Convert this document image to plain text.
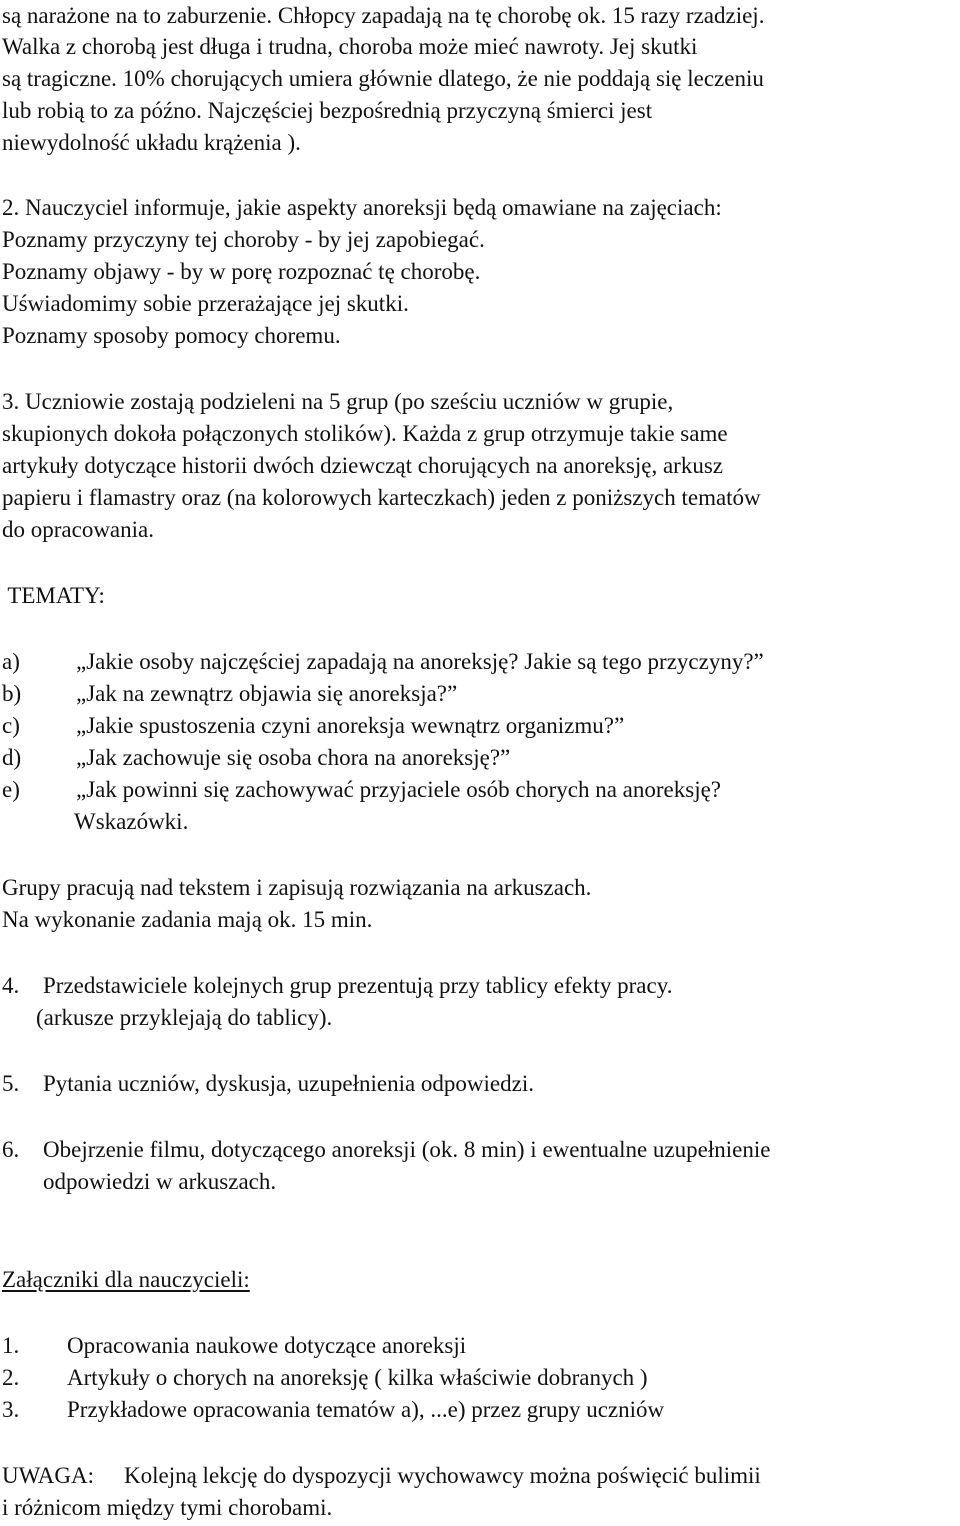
są narażone na to zaburzenie. Chłopcy zapadają na tę chorobę ok. 15 razy rzadziej.
Walka z chorobą jest długa i trudna, choroba może mieć nawroty. Jej skutki
są tragiczne. 10% chorujących umiera głównie dlatego, że nie poddają się leczeniu
lub robią to za późno. Najczęściej bezpośrednią przyczyną śmierci jest
niewydolność układu krążenia ).
2. Nauczyciel informuje, jakie aspekty anoreksji będą omawiane na zajęciach:
Poznamy przyczyny tej choroby - by jej zapobiegać.
Poznamy objawy - by w porę rozpoznać tę chorobę.
Uświadomimy sobie przerażające jej skutki.
Poznamy sposoby pomocy choremu.
3. Uczniowie zostają podzieleni na 5 grup (po sześciu uczniów w grupie,
skupionych dokoła połączonych stolików). Każda z grup otrzymuje takie same
artykuły dotyczące historii dwóch dziewcząt chorujących na anoreksję, arkusz
papieru i flamastry oraz (na kolorowych karteczkach) jeden z poniższych tematów
do opracowania.
TEMATY:
a) „Jakie osoby najczęściej zapadają na anoreksję? Jakie są tego przyczyny?”
b) „Jak na zewnątrz objawia się anoreksja?”
c) „Jakie spustoszenia czyni anoreksja wewnątrz organizmu?”
d) „Jak zachowuje się osoba chora na anoreksję?”
e) „Jak powinni się zachowywać przyjaciele osób chorych na anoreksję?
Wskazówki.
Grupy pracują nad tekstem i zapisują rozwiązania na arkuszach.
Na wykonanie zadania mają ok. 15 min.
4. Przedstawiciele kolejnych grup prezentują przy tablicy efekty pracy.
(arkusze przyklejają do tablicy).
5. Pytania uczniów, dyskusja, uzupełnienia odpowiedzi.
6. Obejrzenie filmu, dotyczącego anoreksji (ok. 8 min) i ewentualne uzupełnienie
odpowiedzi w arkuszach.
Załączniki dla nauczycieli:
1. Opracowania naukowe dotyczące anoreksji
2. Artykuły o chorych na anoreksję ( kilka właściwie dobranych )
3. Przykładowe opracowania tematów a), ...e) przez grupy uczniów
UWAGA: Kolejną lekcję do dyspozycji wychowawcy można poświęcić bulimii
i różnicom między tymi chorobami.
